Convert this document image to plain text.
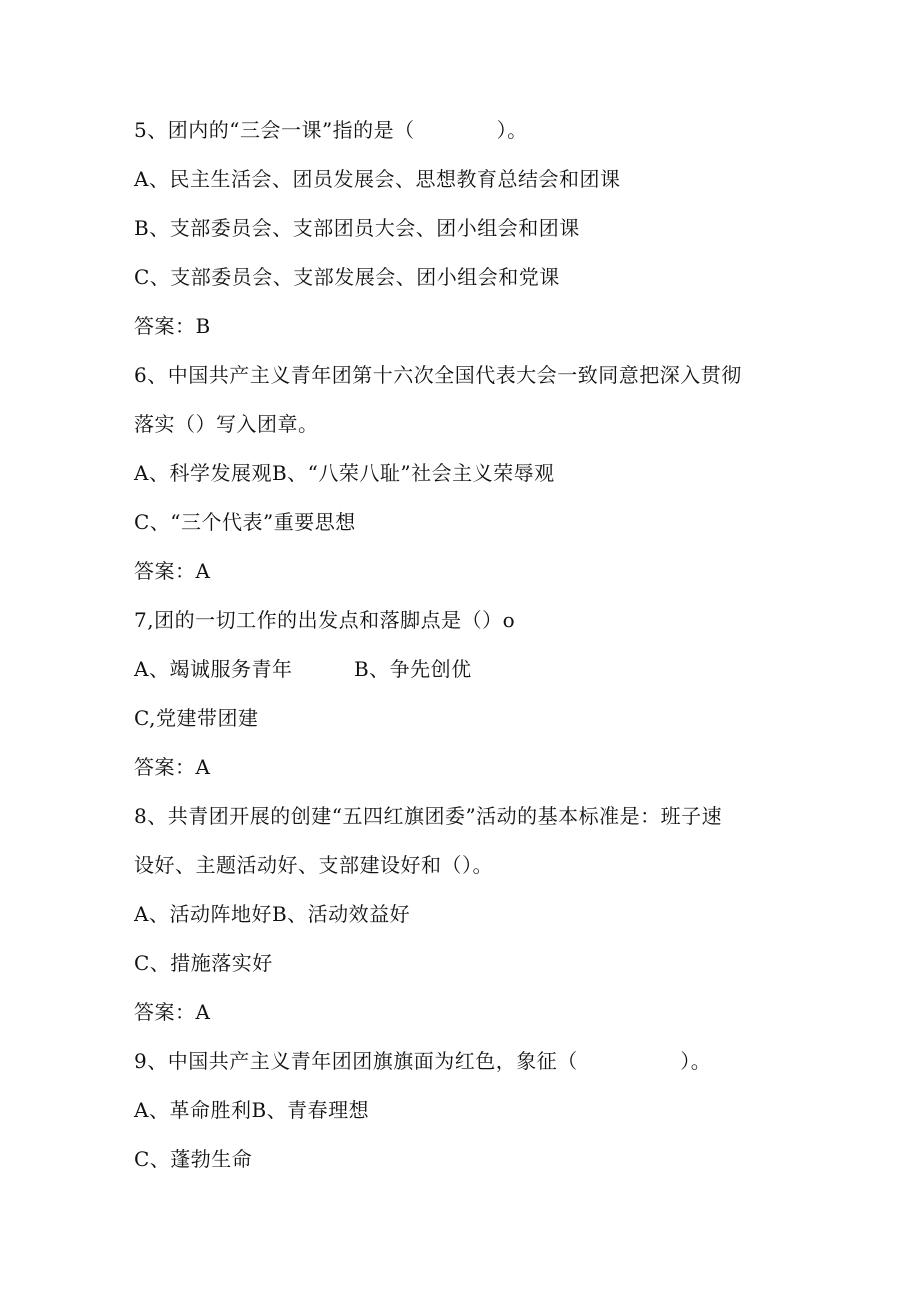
5、团内的“三会一课”指的是（　　　　）。
A、民主生活会、团员发展会、思想教育总结会和团课
B、支部委员会、支部团员大会、团小组会和团课
C、支部委员会、支部发展会、团小组会和党课
答案：B
6、中国共产主义青年团第十六次全国代表大会一致同意把深入贯彻
落实（）写入团章。
A、科学发展观B、“八荣八耻”社会主义荣辱观
C、“三个代表”重要思想
答案：A
7,团的一切工作的出发点和落脚点是（）o
A、竭诚服务青年　　　B、争先创优
C,党建带团建
答案：A
8、共青团开展的创建“五四红旗团委”活动的基本标准是：班子速
设好、主题活动好、支部建设好和（）。
A、活动阵地好B、活动效益好
C、措施落实好
答案：A
9、中国共产主义青年团团旗旗面为红色，象征（　　　　　）。
A、革命胜利B、青春理想
C、蓬勃生命
